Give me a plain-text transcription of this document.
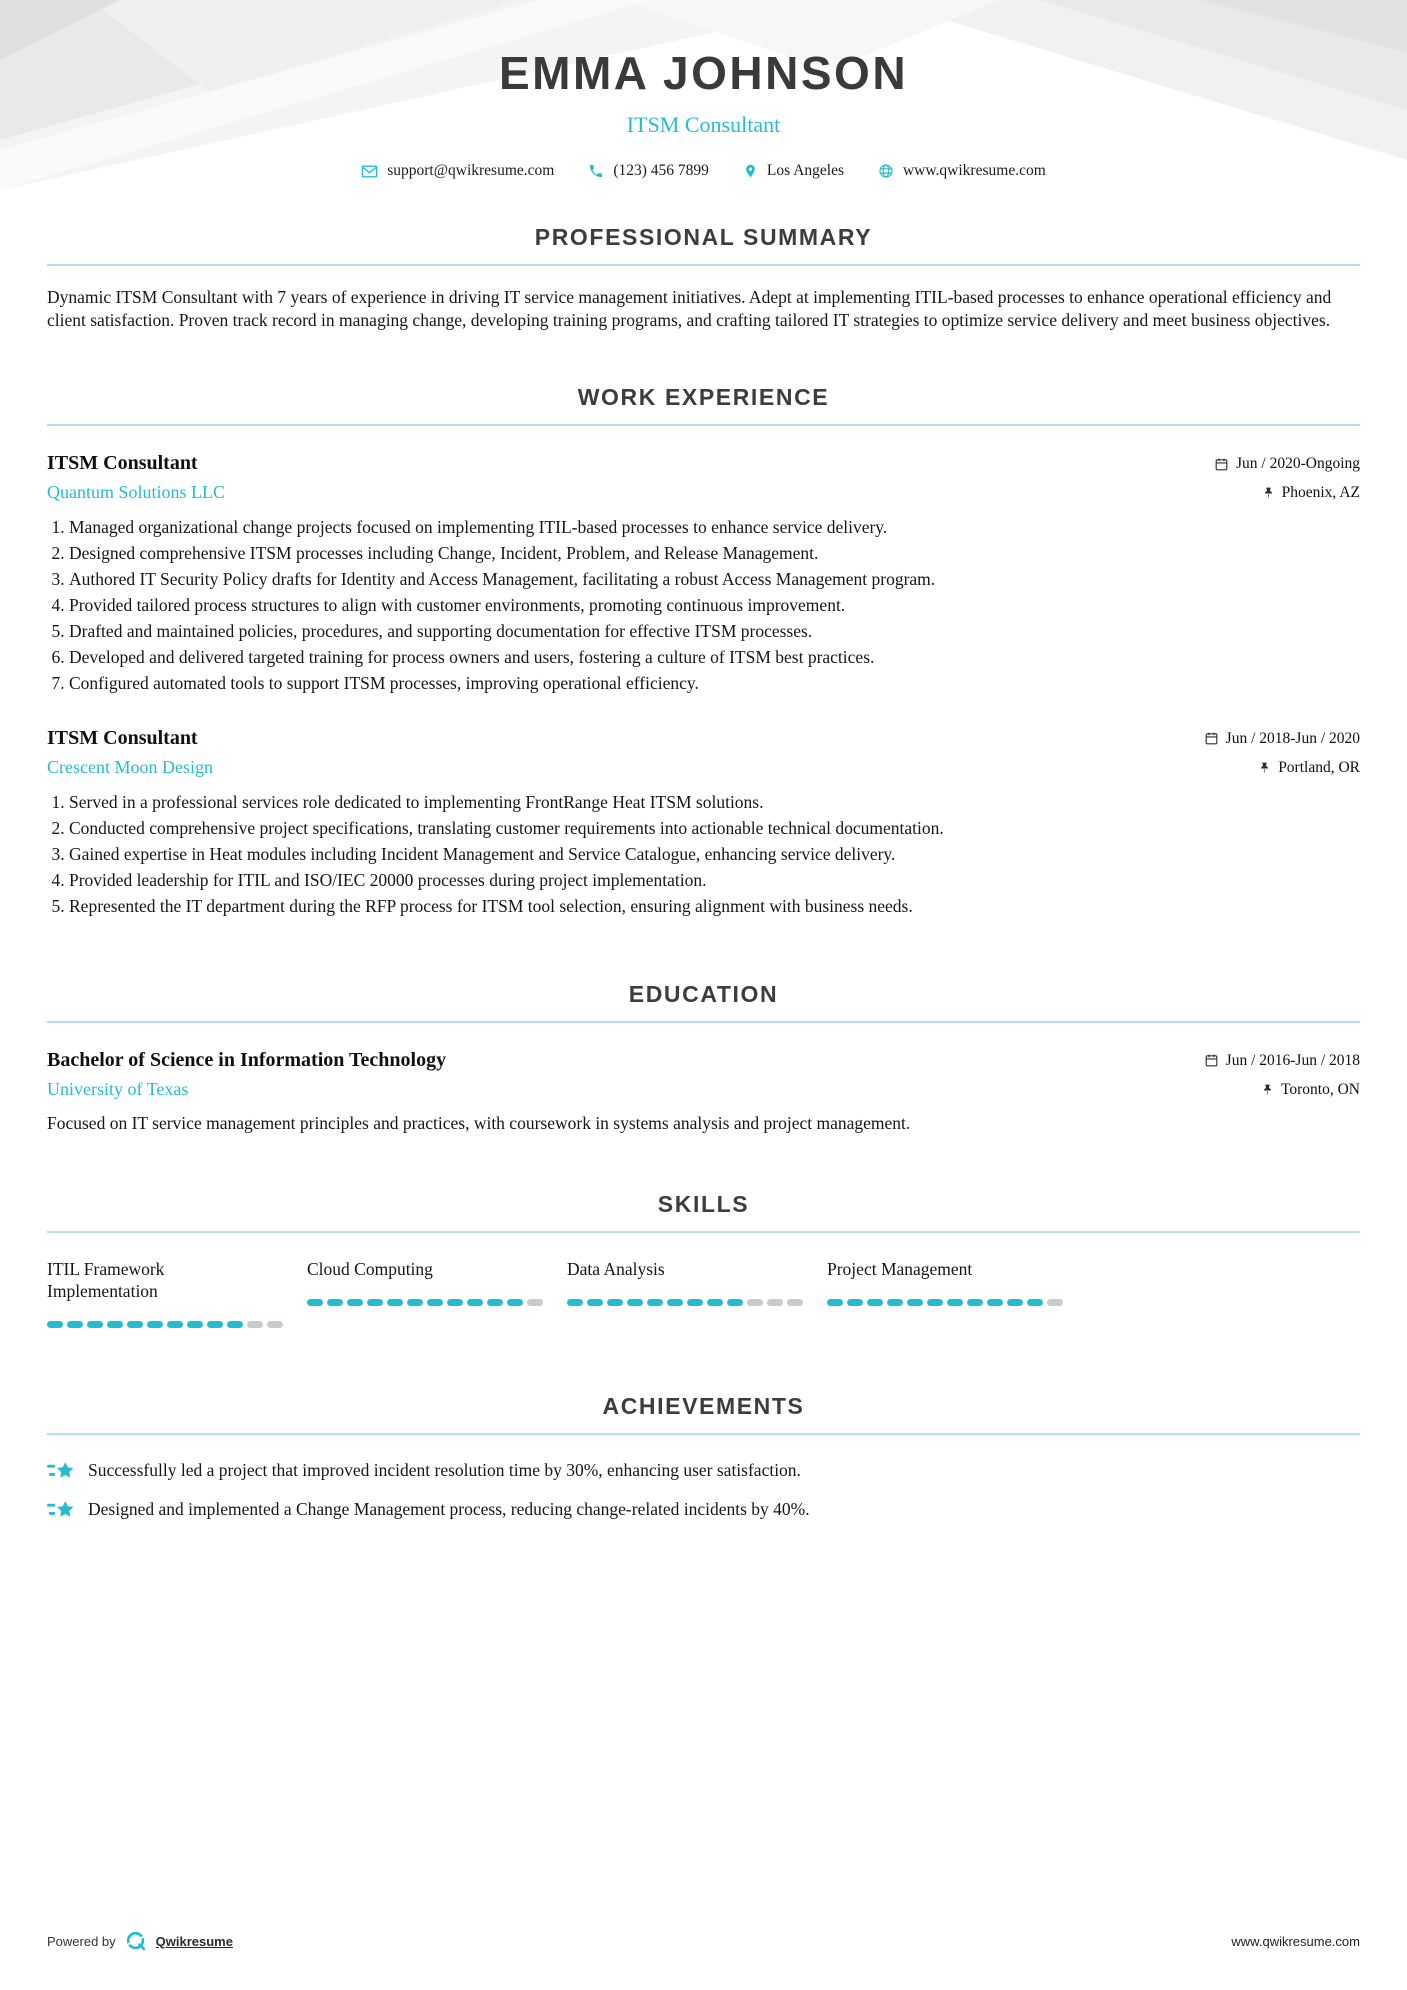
EMMA JOHNSON
ITSM Consultant
support@qwikresume.com	(123) 456 7899	Los Angeles	www.qwikresume.com
PROFESSIONAL SUMMARY

Dynamic ITSM Consultant with 7 years of experience in driving IT service management initiatives. Adept at implementing ITIL-based processes to enhance operational efficiency and client satisfaction. Proven track record in managing change, developing training programs, and crafting tailored IT strategies to optimize service delivery and meet business objectives.

WORK EXPERIENCE
ITSM Consultant
Quantum Solutions LLC
Jun / 2020-Ongoing
Phoenix, AZ
1. Managed organizational change projects focused on implementing ITIL-based processes to enhance service delivery.
2. Designed comprehensive ITSM processes including Change, Incident, Problem, and Release Management.
3. Authored IT Security Policy drafts for Identity and Access Management, facilitating a robust Access Management program.
4. Provided tailored process structures to align with customer environments, promoting continuous improvement.
5. Drafted and maintained policies, procedures, and supporting documentation for effective ITSM processes.
6. Developed and delivered targeted training for process owners and users, fostering a culture of ITSM best practices.
7. Configured automated tools to support ITSM processes, improving operational efficiency.
ITSM Consultant
Crescent Moon Design
Jun / 2018-Jun / 2020
Portland, OR
1. Served in a professional services role dedicated to implementing FrontRange Heat ITSM solutions.
2. Conducted comprehensive project specifications, translating customer requirements into actionable technical documentation.
3. Gained expertise in Heat modules including Incident Management and Service Catalogue, enhancing service delivery.
4. Provided leadership for ITIL and ISO/IEC 20000 processes during project implementation.
5. Represented the IT department during the RFP process for ITSM tool selection, ensuring alignment with business needs.
EDUCATION
Bachelor of Science in Information Technology
University of Texas
Jun / 2016-Jun / 2018
Toronto, ON

Focused on IT service management principles and practices, with coursework in systems analysis and project management.

SKILLS
ITIL Framework Implementation
Cloud Computing	Data Analysis	Project Management
ACHIEVEMENTS
Successfully led a project that improved incident resolution time by 30%, enhancing user satisfaction.
Designed and implemented a Change Management process, reducing change-related incidents by 40%.
Powered by	Qwikresume	www.qwikresume.com
